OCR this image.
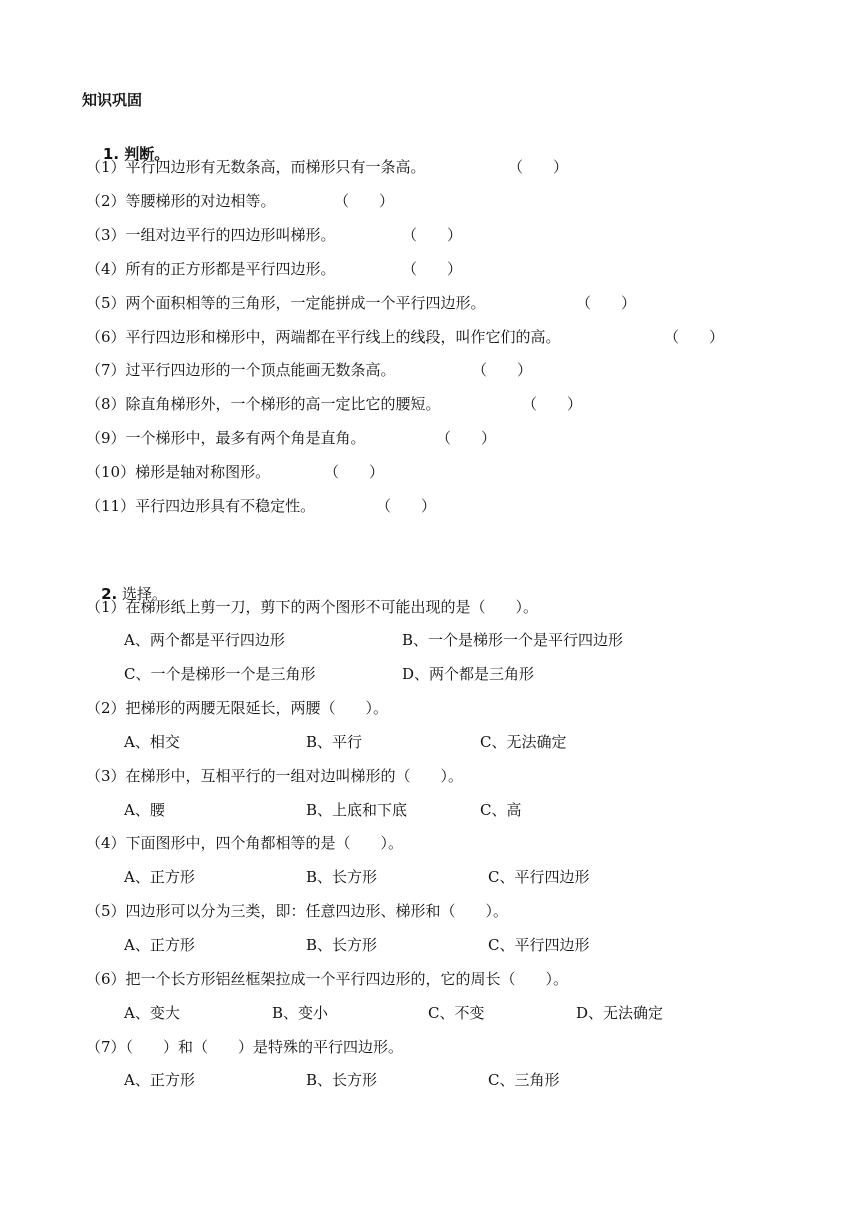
知识巩固

1. 判断。

（1）平行四边形有无数条高，而梯形只有一条高。	（　　）
（2）等腰梯形的对边相等。	（　　）
（3）一组对边平行的四边形叫梯形。	（　　）
（4）所有的正方形都是平行四边形。	（　　）
（5）两个面积相等的三角形，一定能拼成一个平行四边形。	（　　）
（6）平行四边形和梯形中，两端都在平行线上的线段，叫作它们的高。	（　　）
（7）过平行四边形的一个顶点能画无数条高。	（　　）
（8）除直角梯形外，一个梯形的高一定比它的腰短。	（　　）
（9）一个梯形中，最多有两个角是直角。	（　　）
（10）梯形是轴对称图形。	（　　）
（11）平行四边形具有不稳定性。	（　　）

2. 选择。

（1）在梯形纸上剪一刀，剪下的两个图形不可能出现的是（　　）。
A、两个都是平行四边形	B、一个是梯形一个是平行四边形
C、一个是梯形一个是三角形	D、两个都是三角形
（2）把梯形的两腰无限延长，两腰（　　）。
A、相交	B、平行	C、无法确定
（3）在梯形中，互相平行的一组对边叫梯形的（　　）。
A、腰	B、上底和下底	C、高
（4）下面图形中，四个角都相等的是（　　）。
A、正方形	B、长方形	C、平行四边形
（5）四边形可以分为三类，即：任意四边形、梯形和（　　）。
A、正方形	B、长方形	C、平行四边形
（6）把一个长方形铝丝框架拉成一个平行四边形的，它的周长（　　）。
A、变大	B、变小	C、不变	D、无法确定
（7）（　　）和（　　）是特殊的平行四边形。
A、正方形	B、长方形	C、三角形
